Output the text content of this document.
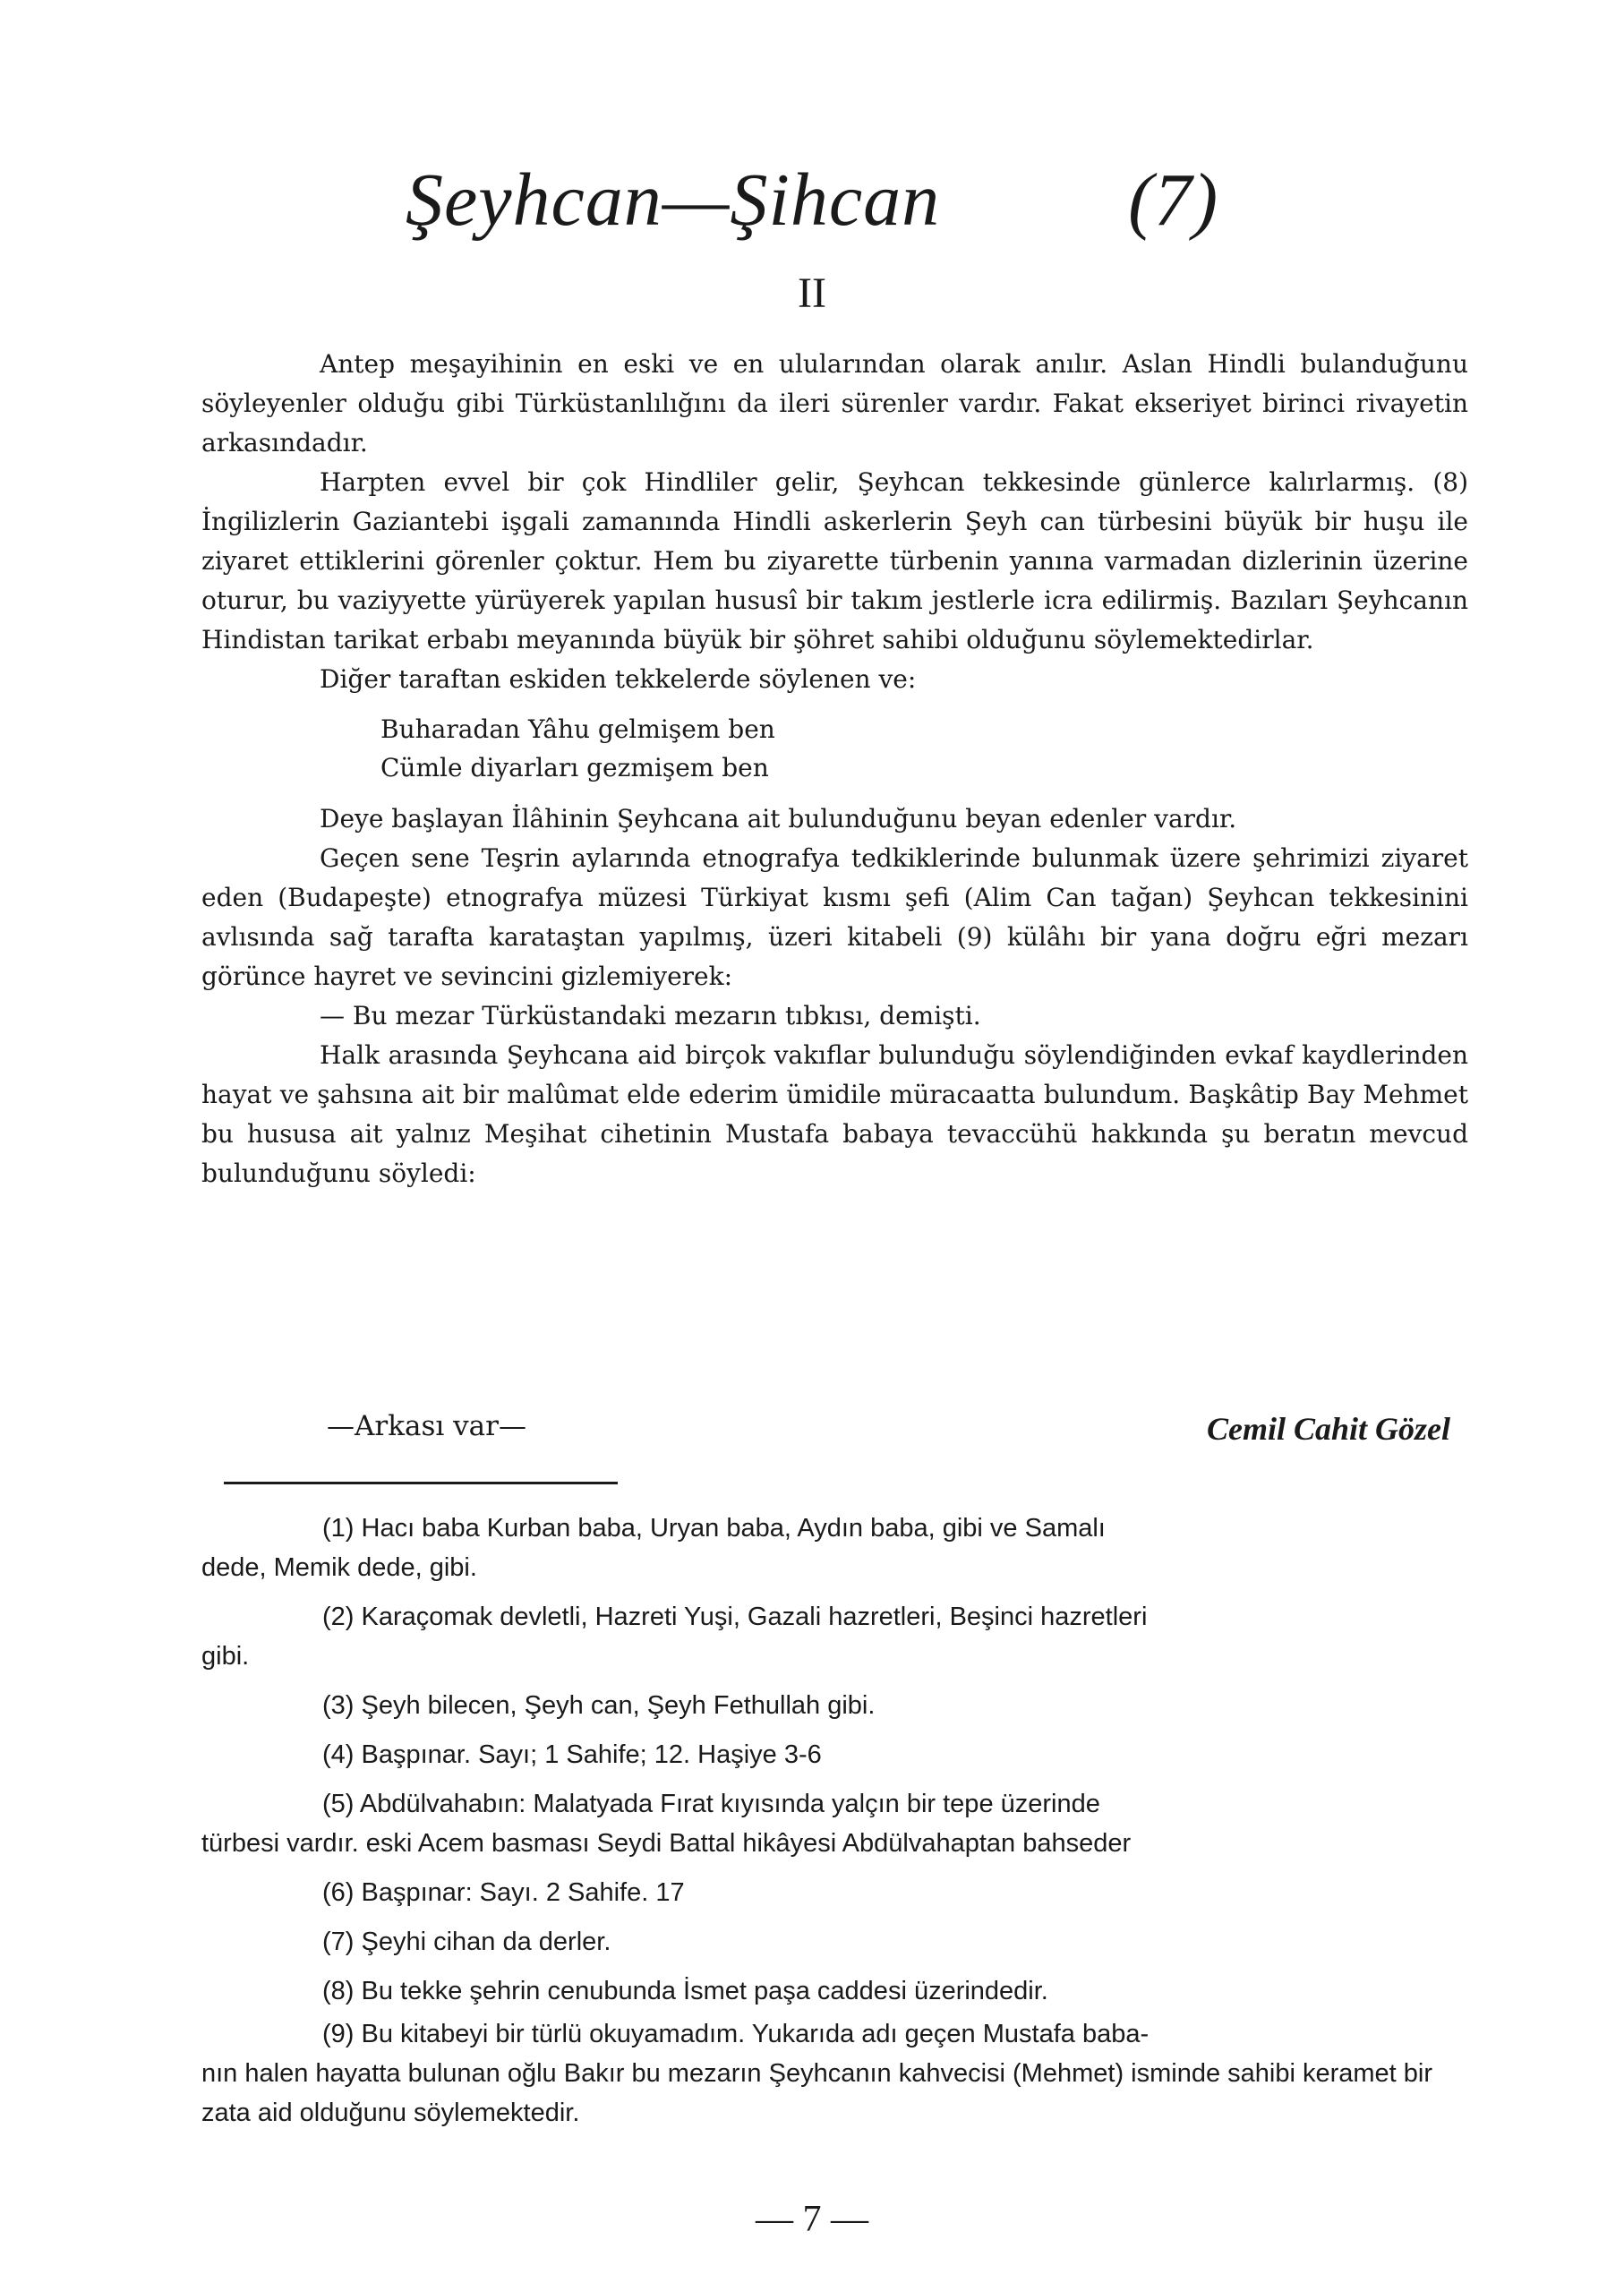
Şeyhcan—Şihcan	(7)
II

Antep meşayihinin en eski ve en ulularından olarak anılır. Aslan Hindli bulanduğunu söyleyenler olduğu gibi Türküstanlılığını da ileri sürenler vardır. Fakat ekseriyet birinci rivayetin arkasındadır.

Harpten evvel bir çok Hindliler gelir, Şeyhcan tekkesinde günlerce kalırlarmış. (8) İngilizlerin Gaziantebi işgali zamanında Hindli askerlerin Şeyh can türbesini büyük bir huşu ile ziyaret ettiklerini görenler çoktur. Hem bu ziyarette türbenin yanına varmadan dizlerinin üzerine oturur, bu vaziyyette yürüyerek yapılan hususî bir takım jestlerle icra edilirmiş. Bazıları Şeyhcanın Hindistan tarikat erbabı meyanında büyük bir şöhret sahibi olduğunu söylemektedirlar.

Diğer taraftan eskiden tekkelerde söylenen ve:

Buharadan Yâhu gelmişem ben
Cümle diyarları gezmişem ben

Deye başlayan İlâhinin Şeyhcana ait bulunduğunu beyan edenler vardır.

Geçen sene Teşrin aylarında etnografya tedkiklerinde bulunmak üzere şehrimizi ziyaret eden (Budapeşte) etnografya müzesi Türkiyat kısmı şefi (Alim Can tağan) Şeyhcan tekkesinini avlısında sağ tarafta karataştan yapılmış, üzeri kitabeli (9) külâhı bir yana doğru eğri mezarı görünce hayret ve sevincini gizlemiyerek:

— Bu mezar Türküstandaki mezarın tıbkısı, demişti.

Halk arasında Şeyhcana aid birçok vakıflar bulunduğu söylendiğinden evkaf kaydlerinden hayat ve şahsına ait bir malûmat elde ederim ümidile müracaatta bulundum. Başkâtip Bay Mehmet bu hususa ait yalnız Meşihat cihetinin Mustafa babaya tevaccühü hakkında şu beratın mevcud bulunduğunu söyledi:

—Arkası var—	Cemil Cahit Gözel
(1) Hacı baba Kurban baba, Uryan baba, Aydın baba, gibi ve Samalı
dede, Memik dede, gibi.
(2) Karaçomak devletli, Hazreti Yuşi, Gazali hazretleri, Beşinci hazretleri
gibi.
(3) Şeyh bilecen, Şeyh can, Şeyh Fethullah gibi.
(4) Başpınar. Sayı; 1 Sahife; 12. Haşiye 3-6
(5) Abdülvahabın: Malatyada Fırat kıyısında yalçın bir tepe üzerinde
türbesi vardır. eski Acem basması Seydi Battal hikâyesi Abdülvahaptan bahseder
(6) Başpınar: Sayı. 2 Sahife. 17
(7) Şeyhi cihan da derler.
(8) Bu tekke şehrin cenubunda İsmet paşa caddesi üzerindedir.
(9) Bu kitabeyi bir türlü okuyamadım. Yukarıda adı geçen Mustafa baba-
nın halen hayatta bulunan oğlu Bakır bu mezarın Şeyhcanın kahvecisi (Mehmet) isminde sahibi keramet bir zata aid olduğunu söylemektedir.
— 7 —
